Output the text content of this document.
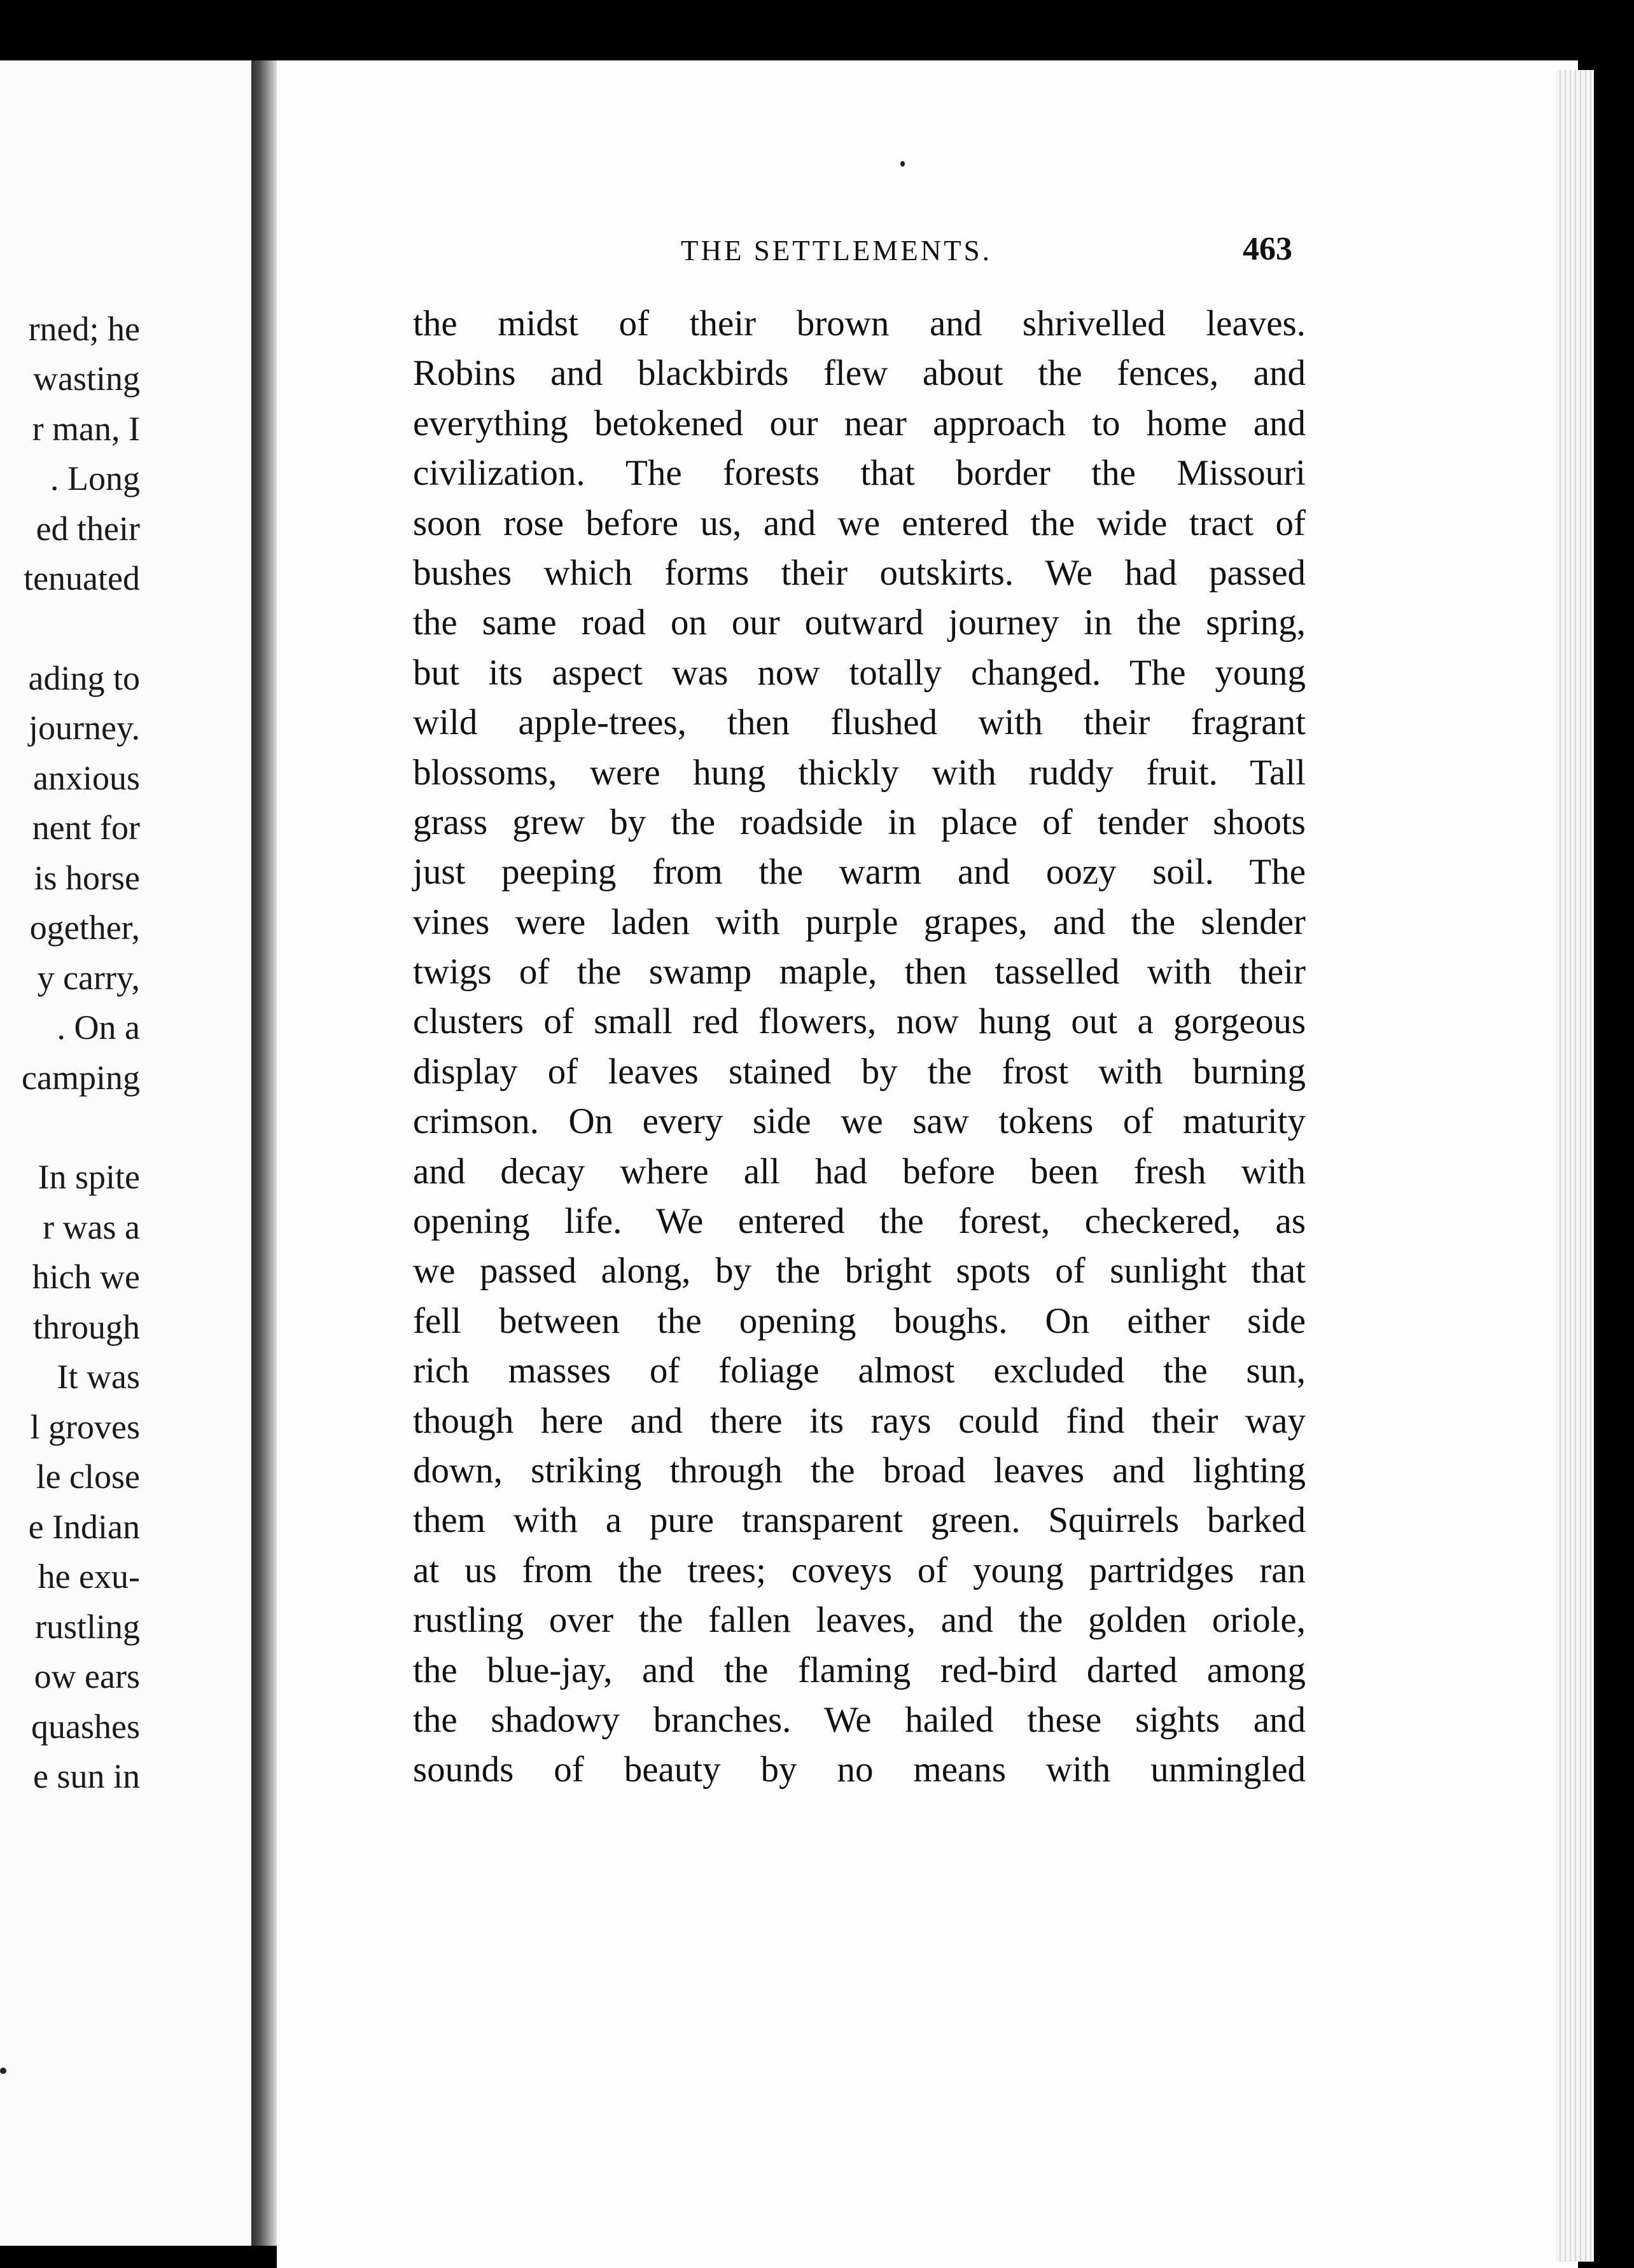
rned; he
wasting
r man, I
. Long
ed their
tenuated
ading to
journey.
anxious
nent for
is horse
ogether,
y carry,
. On a
camping
In spite
r was a
hich we
through
It was
l groves
le close
e Indian
he exu-
rustling
ow ears
quashes
e sun in
THE SETTLEMENTS.	463
the midst of their brown and shrivelled leaves.
Robins and blackbirds flew about the fences, and
everything betokened our near approach to home and
civilization. The forests that border the Missouri
soon rose before us, and we entered the wide tract of
bushes which forms their outskirts. We had passed
the same road on our outward journey in the spring,
but its aspect was now totally changed. The young
wild apple-trees, then flushed with their fragrant
blossoms, were hung thickly with ruddy fruit. Tall
grass grew by the roadside in place of tender shoots
just peeping from the warm and oozy soil. The
vines were laden with purple grapes, and the slender
twigs of the swamp maple, then tasselled with their
clusters of small red flowers, now hung out a gorgeous
display of leaves stained by the frost with burning
crimson. On every side we saw tokens of maturity
and decay where all had before been fresh with
opening life. We entered the forest, checkered, as
we passed along, by the bright spots of sunlight that
fell between the opening boughs. On either side
rich masses of foliage almost excluded the sun,
though here and there its rays could find their way
down, striking through the broad leaves and lighting
them with a pure transparent green. Squirrels barked
at us from the trees; coveys of young partridges ran
rustling over the fallen leaves, and the golden oriole,
the blue-jay, and the flaming red-bird darted among
the shadowy branches. We hailed these sights and
sounds of beauty by no means with unmingled
